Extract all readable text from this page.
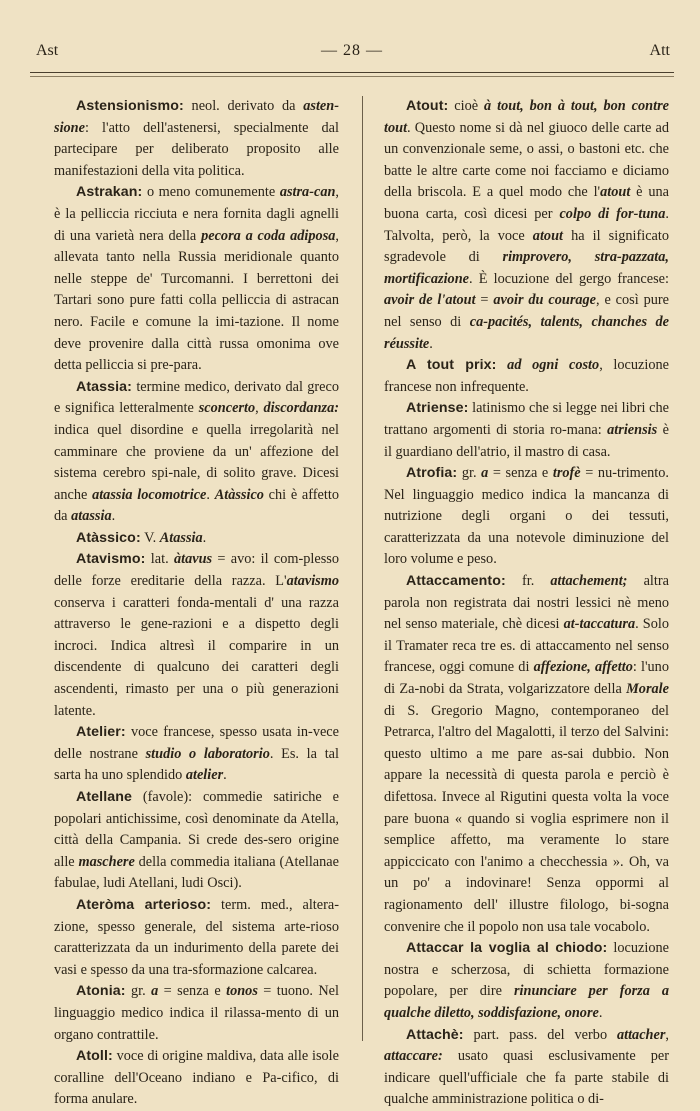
Ast	— 28 —	Att

Astensionismo: neol. derivato da asten-sione: l'atto dell'astenersi, specialmente dal partecipare per deliberato proposito alle manifestazioni della vita politica.

Astrakan: o meno comunemente astra-can, è la pelliccia ricciuta e nera fornita dagli agnelli di una varietà nera della pecora a coda adiposa, allevata tanto nella Russia meridionale quanto nelle steppe de' Turcomanni. I berrettoni dei Tartari sono pure fatti colla pelliccia di astracan nero. Facile e comune la imi-tazione. Il nome deve provenire dalla città russa omonima ove detta pelliccia si pre-para.

Atassia: termine medico, derivato dal greco e significa letteralmente sconcerto, discordanza: indica quel disordine e quella irregolarità nel camminare che proviene da un' affezione del sistema cerebro spi-nale, di solito grave. Dicesi anche atassia locomotrice. Atàssico chi è affetto da atassia.

Atàssico: V. Atassia.

Atavismo: lat. àtavus = avo: il com-plesso delle forze ereditarie della razza. L'atavismo conserva i caratteri fonda-mentali d' una razza attraverso le gene-razioni e a dispetto degli incroci. Indica altresì il comparire in un discendente di qualcuno dei caratteri degli ascendenti, rimasto per una o più generazioni latente.

Atelier: voce francese, spesso usata in-vece delle nostrane studio o laboratorio. Es. la tal sarta ha uno splendido atelier.

Atellane (favole): commedie satiriche e popolari antichissime, così denominate da Atella, città della Campania. Si crede des-sero origine alle maschere della commedia italiana (Atellanae fabulae, ludi Atellani, ludi Osci).

Ateròma arterioso: term. med., altera-zione, spesso generale, del sistema arte-rioso caratterizzata da un indurimento della parete dei vasi e spesso da una tra-sformazione calcarea.

Atonia: gr. a = senza e tonos = tuono. Nel linguaggio medico indica il rilassa-mento di un organo contrattile.

Atoll: voce di origine maldiva, data alle isole coralline dell'Oceano indiano e Pa-cifico, di forma anulare.

Atout: cioè à tout, bon à tout, bon contre tout. Questo nome si dà nel giuoco delle carte ad un convenzionale seme, o assi, o bastoni etc. che batte le altre carte come noi facciamo e diciamo della briscola. E a quel modo che l'atout è una buona carta, così dicesi per colpo di for-tuna. Talvolta, però, la voce atout ha il significato sgradevole di rimprovero, stra-pazzata, mortificazione. È locuzione del gergo francese: avoir de l'atout = avoir du courage, e così pure nel senso di ca-pacités, talents, chanches de réussite.

A tout prix: ad ogni costo, locuzione francese non infrequente.

Atriense: latinismo che si legge nei libri che trattano argomenti di storia ro-mana: atriensis è il guardiano dell'atrio, il mastro di casa.

Atrofia: gr. a = senza e trofè = nu-trimento. Nel linguaggio medico indica la mancanza di nutrizione degli organi o dei tessuti, caratterizzata da una notevole diminuzione del loro volume e peso.

Attaccamento: fr. attachement; altra parola non registrata dai nostri lessici nè meno nel senso materiale, chè dicesi at-taccatura. Solo il Tramater reca tre es. di attaccamento nel senso francese, oggi comune di affezione, affetto: l'uno di Za-nobi da Strata, volgarizzatore della Morale di S. Gregorio Magno, contemporaneo del Petrarca, l'altro del Magalotti, il terzo del Salvini: questo ultimo a me pare as-sai dubbio. Non appare la necessità di questa parola e perciò è difettosa. Invece al Rigutini questa volta la voce pare buona « quando si voglia esprimere non il semplice affetto, ma veramente lo stare appiccicato con l'animo a checchessia ». Oh, va un po' a indovinare! Senza oppormi al ragionamento dell' illustre filologo, bi-sogna convenire che il popolo non usa tale vocabolo.

Attaccar la voglia al chiodo: locuzione nostra e scherzosa, di schietta formazione popolare, per dire rinunciare per forza a qualche diletto, soddisfazione, onore.

Attachè: part. pass. del verbo attacher, attaccare: usato quasi esclusivamente per indicare quell'ufficiale che fa parte stabile di qualche amministrazione politica o di-
